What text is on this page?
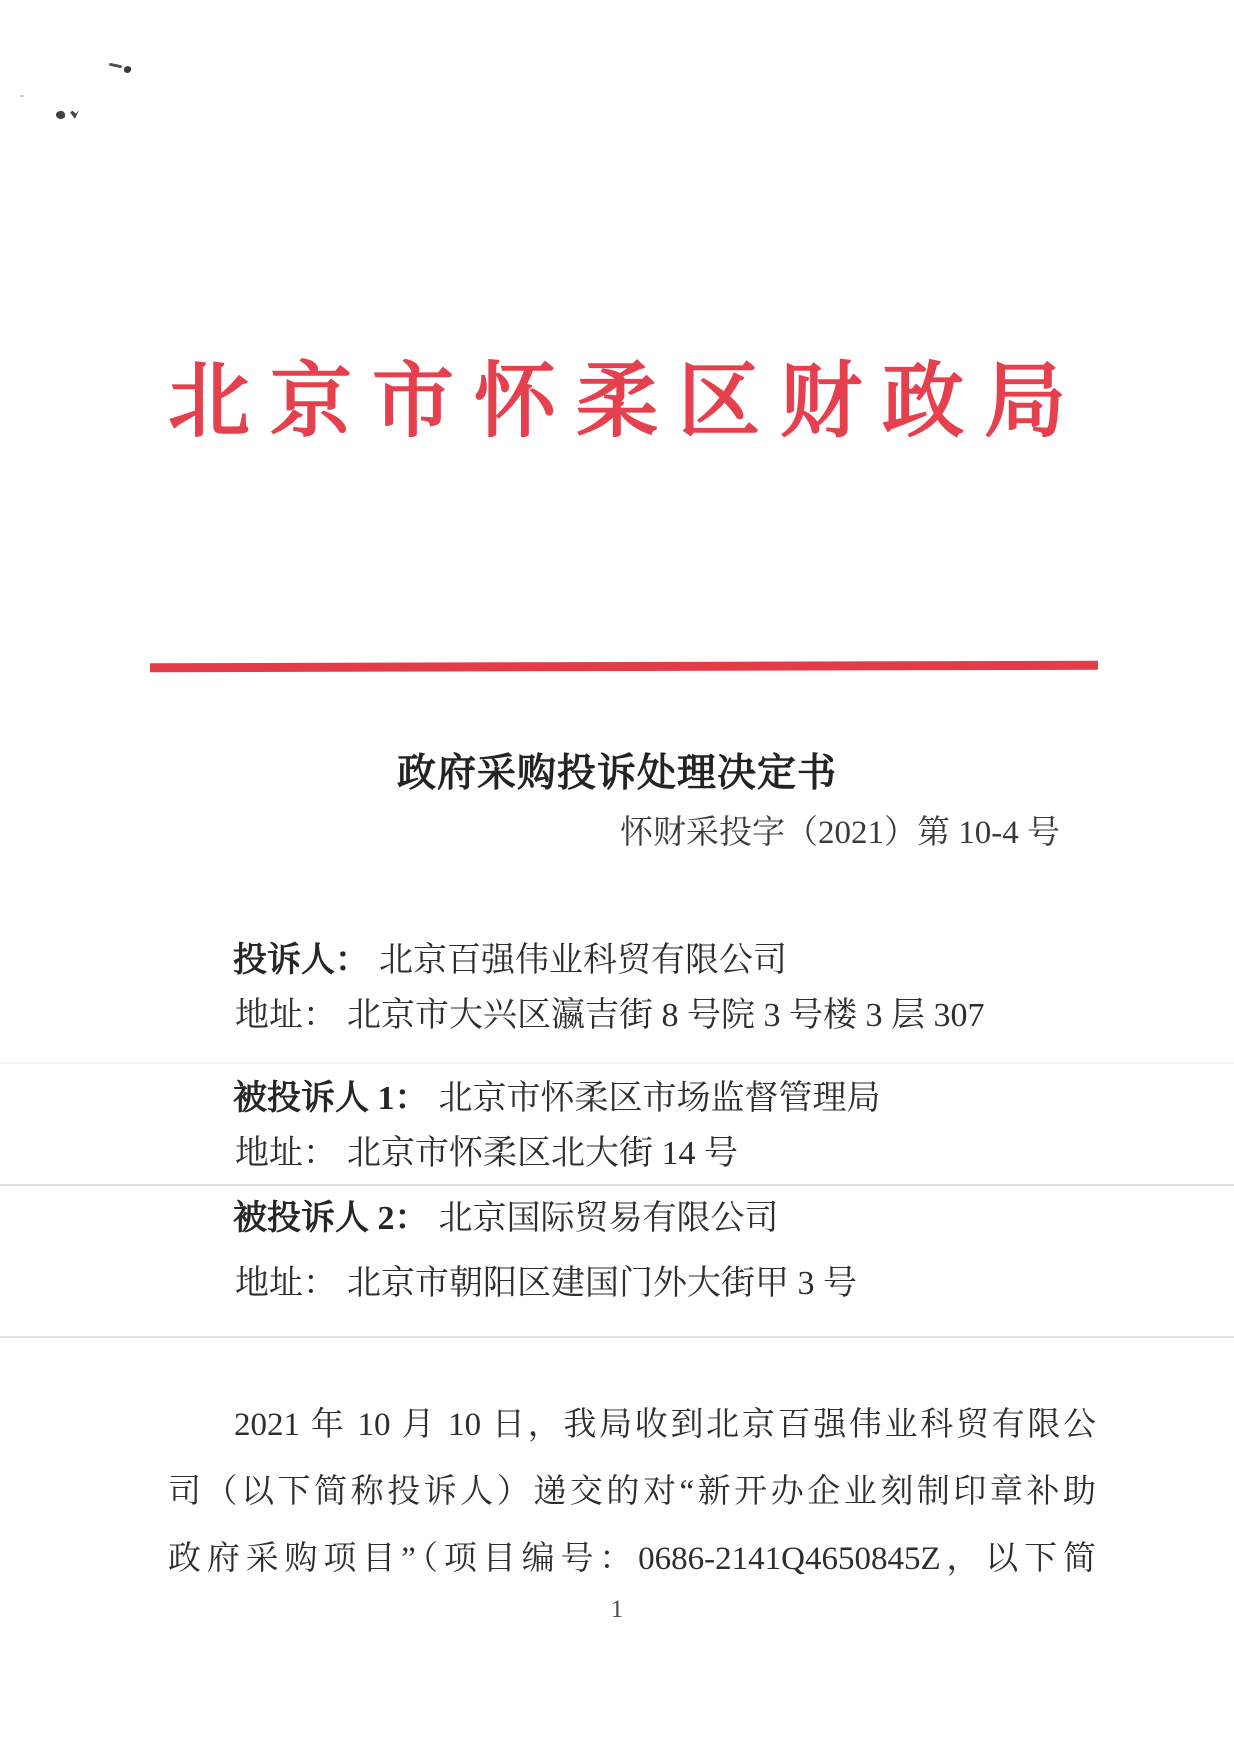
北京市怀柔区财政局
政府采购投诉处理决定书
怀财采投字（2021）第 10-4 号
投诉人： 北京百强伟业科贸有限公司
地址： 北京市大兴区瀛吉街 8 号院 3 号楼 3 层 307
被投诉人 1： 北京市怀柔区市场监督管理局
地址： 北京市怀柔区北大街 14 号
被投诉人 2： 北京国际贸易有限公司
地址： 北京市朝阳区建国门外大街甲 3 号
2021 年 10 月 10 日，我局收到北京百强伟业科贸有限公
司（以下简称投诉人）递交的对“新开办企业刻制印章补助
政府采购项目”（项目编号：0686-2141Q4650845Z，以下简
1
